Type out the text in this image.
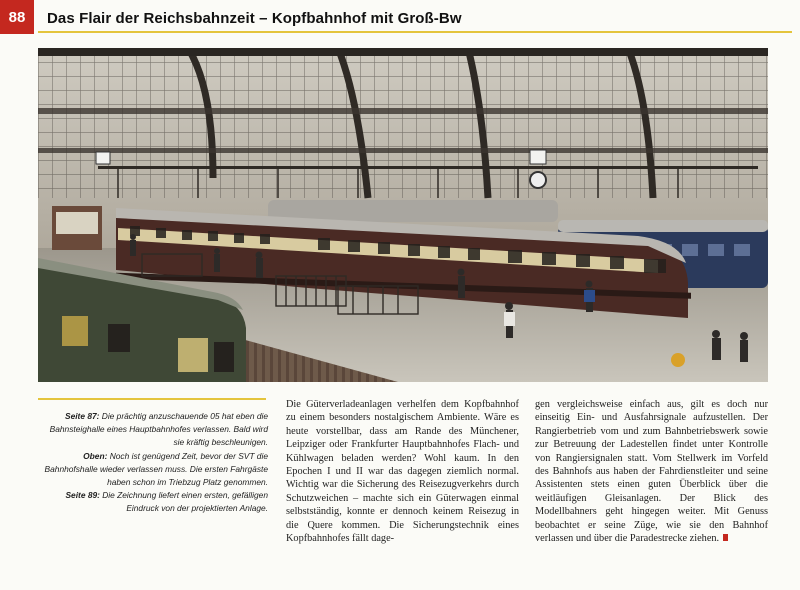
88	Das Flair der Reichsbahnzeit – Kopfbahnhof mit Groß-Bw

Seite 87: Die prächtig anzuschauende 05 hat eben die Bahnsteighalle eines Hauptbahnhofes verlassen. Bald wird sie kräftig beschleunigen.

Oben: Noch ist genügend Zeit, bevor der SVT die Bahnhofshalle wieder verlassen muss. Die ersten Fahrgäste haben schon im Triebzug Platz genommen.

Seite 89: Die Zeichnung liefert einen ersten, gefälligen Eindruck von der projektierten Anlage.

Die Güterverladeanlagen verhelfen dem Kopfbahnhof zu einem besonders nostalgischem Ambiente. Wäre es heute vorstellbar, dass am Rande des Münchener, Leipziger oder Frankfurter Hauptbahnhofes Flach- und Kühlwagen beladen werden? Wohl kaum. In den Epochen I und II war das dagegen ziemlich normal. Wichtig war die Sicherung des Reisezugverkehrs durch Schutzweichen – machte sich ein Güterwagen einmal selbstständig, konnte er dennoch keinem Reisezug in die Quere kommen. Die Sicherungstechnik eines Kopfbahnhofes fällt dage-

gen vergleichsweise einfach aus, gilt es doch nur einseitig Ein- und Ausfahrsignale aufzustellen. Der Rangierbetrieb vom und zum Bahnbetriebswerk sowie zur Betreuung der Ladestellen findet unter Kontrolle von Rangiersignalen statt. Vom Stellwerk im Vorfeld des Bahnhofs aus haben der Fahrdienstleiter und seine Assistenten stets einen guten Überblick über die weitläufigen Gleisanlagen. Der Blick des Modellbahners geht hingegen weiter. Mit Genuss beobachtet er seine Züge, wie sie den Bahnhof verlassen und über die Paradestrecke ziehen.
